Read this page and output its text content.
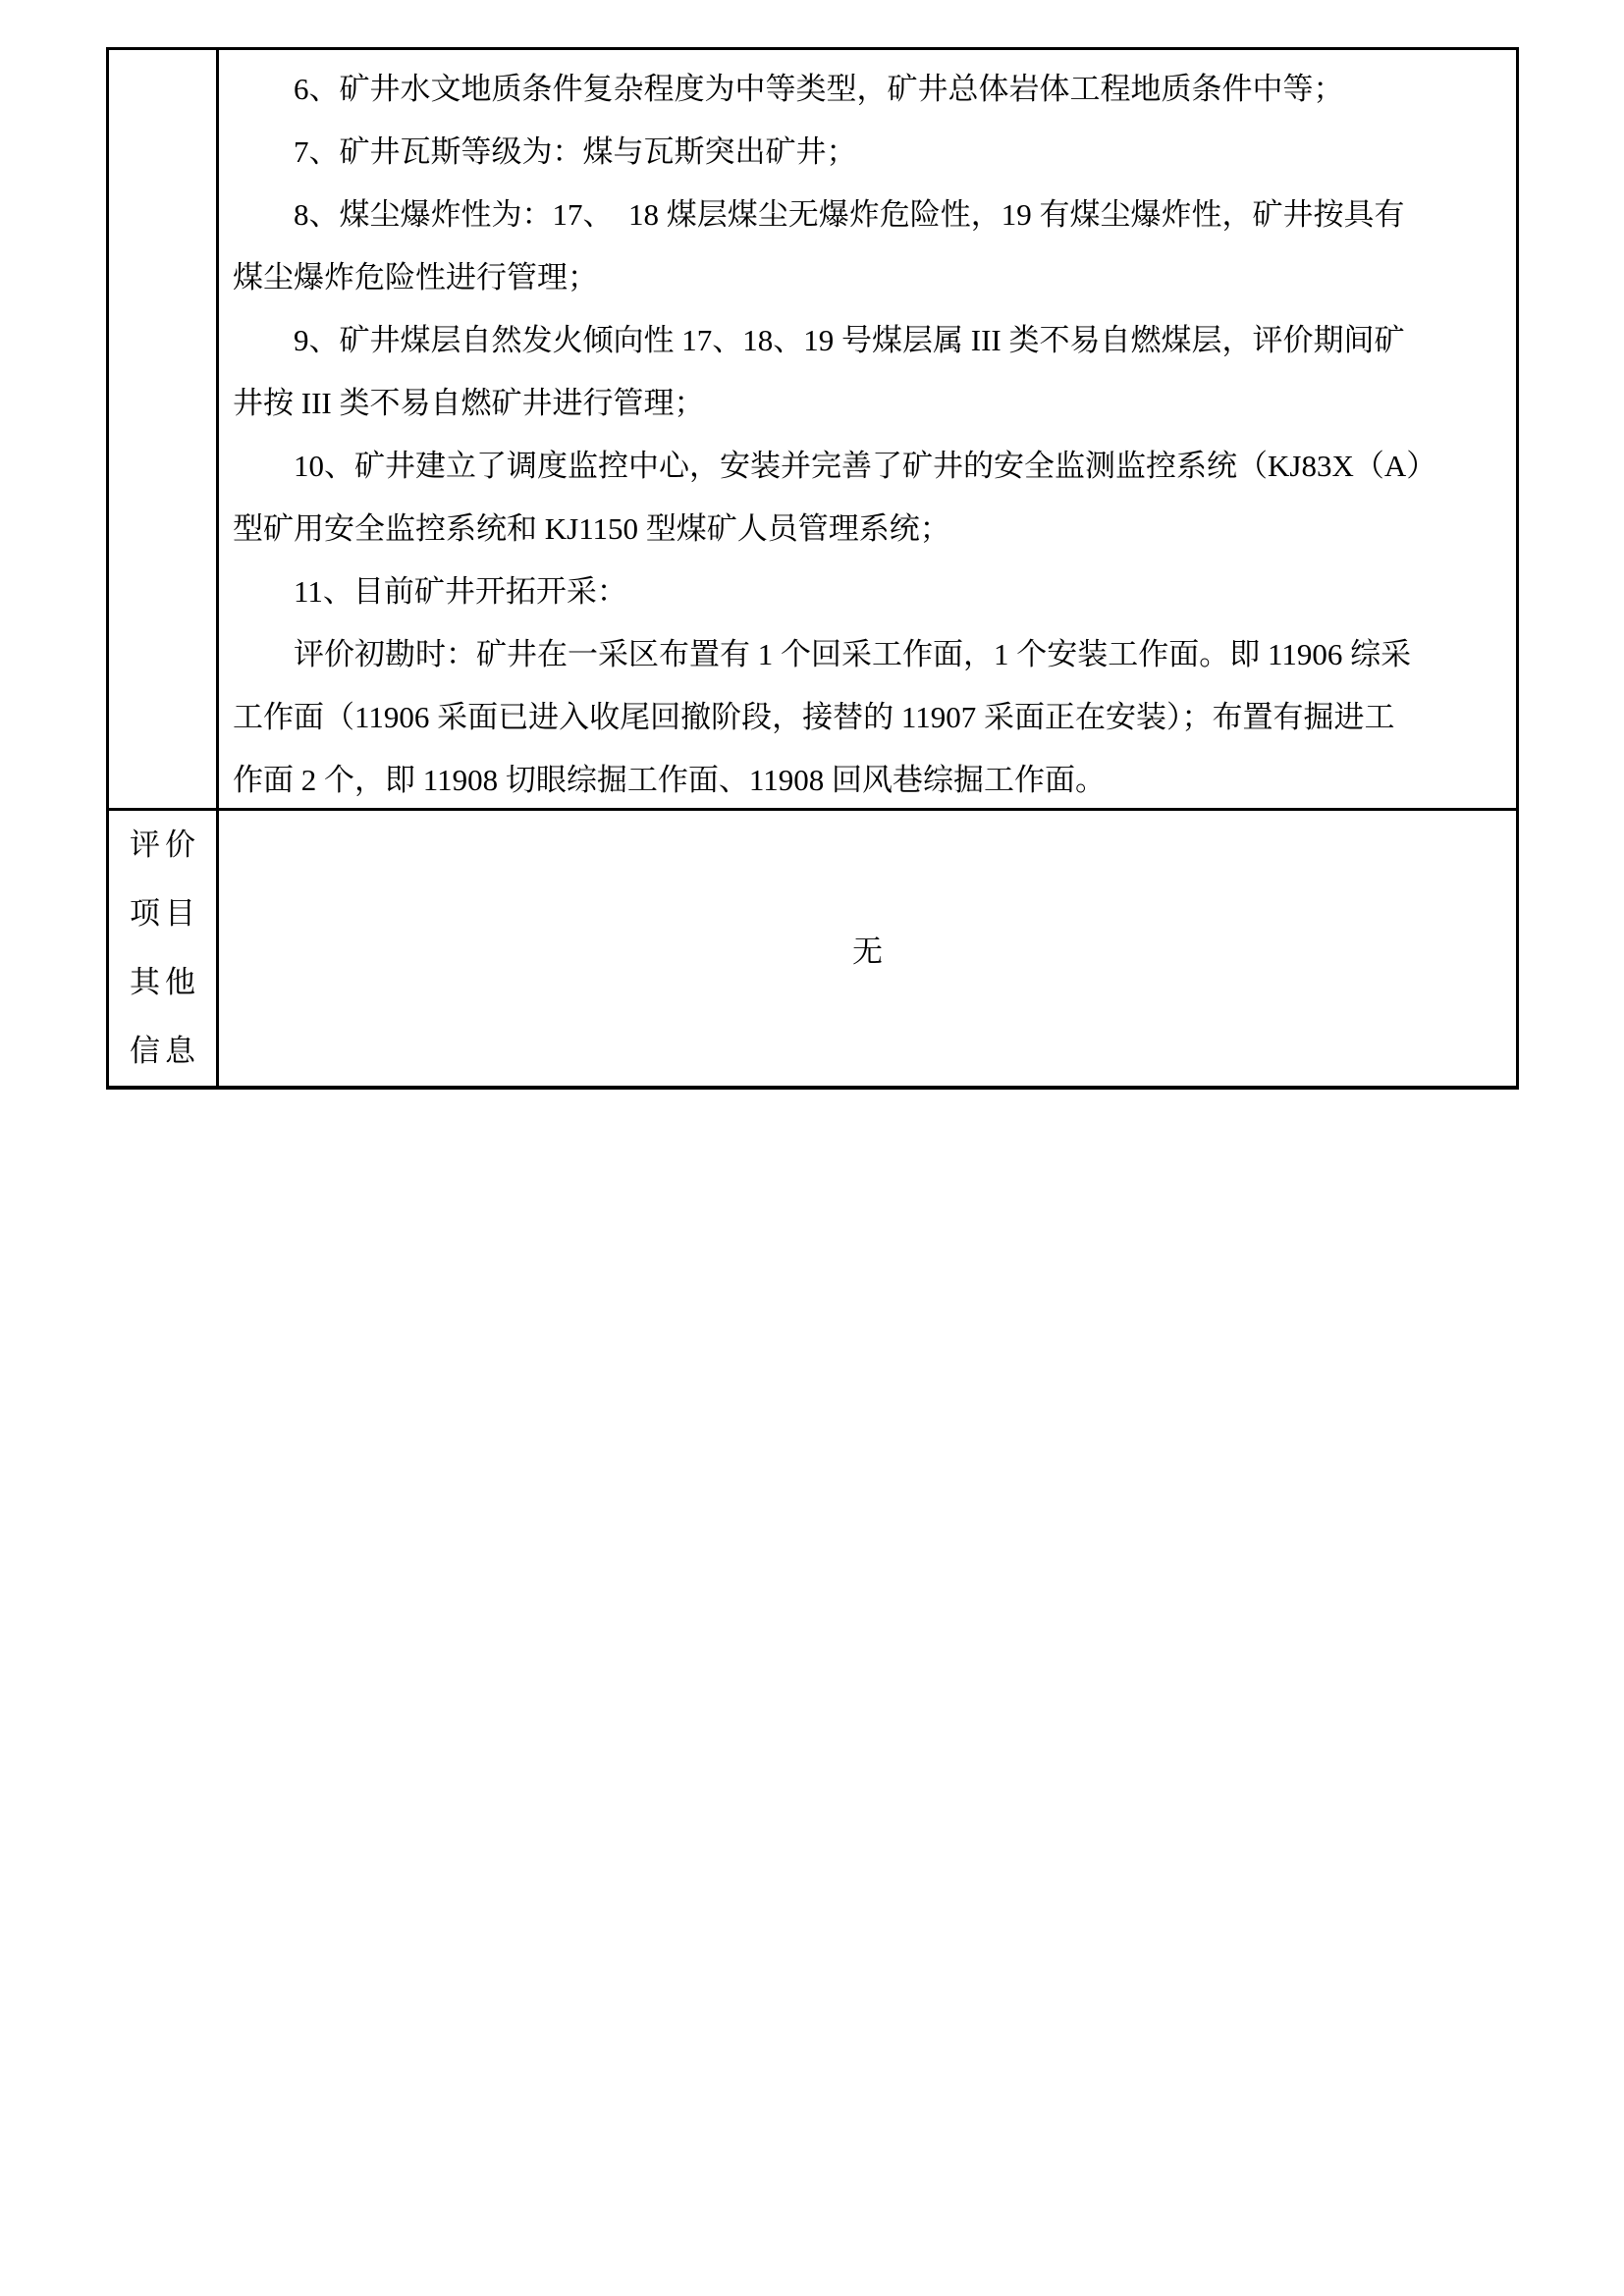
6、矿井水文地质条件复杂程度为中等类型，矿井总体岩体工程地质条件中等；
7、矿井瓦斯等级为：煤与瓦斯突出矿井；
8、煤尘爆炸性为：17、  18 煤层煤尘无爆炸危险性，19 有煤尘爆炸性，矿井按具有
煤尘爆炸危险性进行管理；
9、矿井煤层自然发火倾向性 17、18、19 号煤层属 III 类不易自燃煤层，评价期间矿
井按 III 类不易自燃矿井进行管理；
10、矿井建立了调度监控中心，安装并完善了矿井的安全监测监控系统（KJ83X（A）
型矿用安全监控系统和 KJ1150 型煤矿人员管理系统；
11、目前矿井开拓开采：
评价初勘时：矿井在一采区布置有 1 个回采工作面，1 个安装工作面。即 11906 综采
工作面（11906 采面已进入收尾回撤阶段，接替的 11907 采面正在安装）；布置有掘进工
作面 2 个，即 11908 切眼综掘工作面、11908 回风巷综掘工作面。
评价
项目
其他
信息
无
